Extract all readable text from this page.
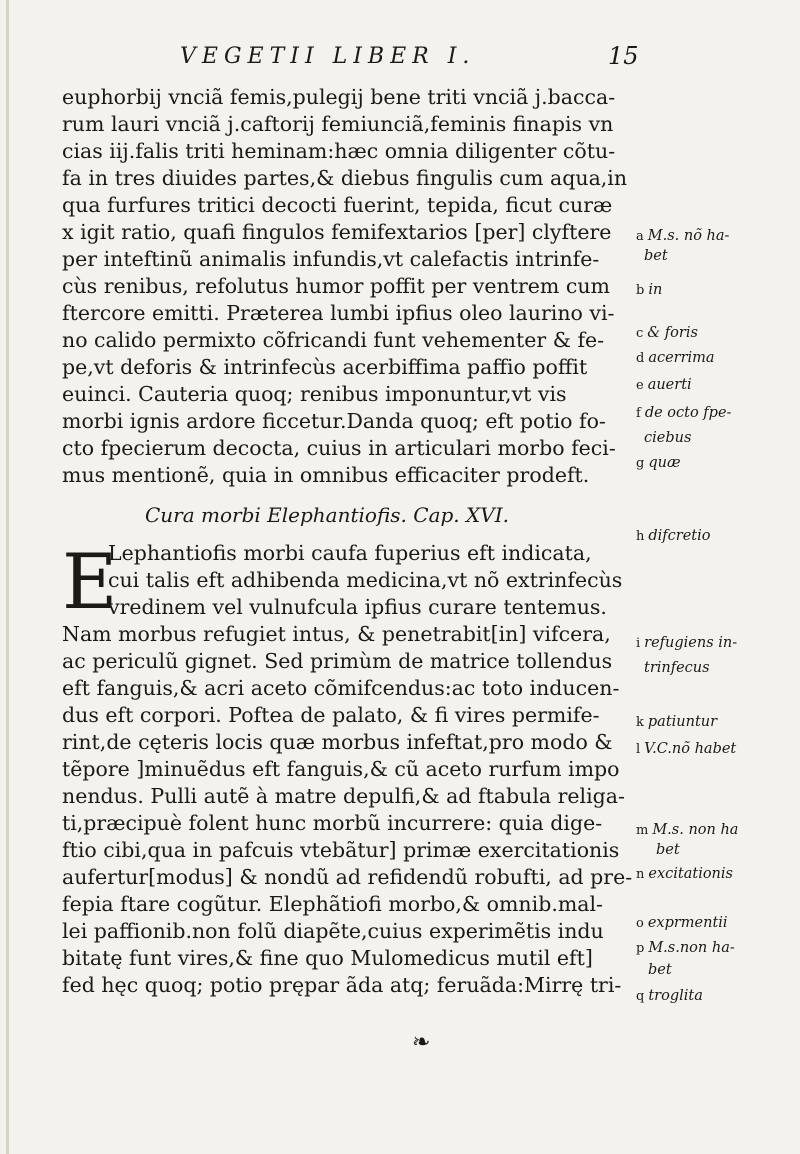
VEGETII LIBER I.	15
euphorbij vnciã femis,pulegij bene triti vnciã j.bacca-
rum lauri vnciã j.caftorij femiunciã,feminis finapis vn
cias iij.falis triti heminam:hæc omnia diligenter cõtu-
fa in tres diuides partes,& diebus fingulis cum aqua,in
qua furfures tritici decocti fuerint, tepida, ficut curæ
x igit ratio, quafi fingulos femifextarios [per] clyftere
per inteftinũ animalis infundis,vt calefactis intrinfe-
cùs renibus, refolutus humor poffit per ventrem cum
ftercore emitti. Præterea lumbi ipfius oleo laurino vi-
no calido permixto cõfricandi funt vehementer & fe-
pe,vt deforis & intrinfecùs acerbiffima paffio poffit
euinci. Cauteria quoq; renibus imponuntur,vt vis
morbi ignis ardore ficcetur.Danda quoq; eft potio fo-
cto fpecierum decocta, cuius in articulari morbo feci-
mus mentionẽ, quia in omnibus efficaciter prodeft.
Cura morbi Elephantiofis. Cap. XVI.
E
Lephantiofis morbi caufa fuperius eft indicata,
cui talis eft adhibenda medicina,vt nõ extrinfecùs
vredinem vel vulnufcula ipfius curare tentemus.
Nam morbus refugiet intus, & penetrabit[in] vifcera,
ac periculũ gignet. Sed primùm de matrice tollendus
eft fanguis,& acri aceto cõmifcendus:ac toto inducen-
dus eft corpori. Poftea de palato, & fi vires permife-
rint,de cęteris locis quæ morbus infeftat,pro modo &
tẽpore ]minuẽdus eft fanguis,& cũ aceto rurfum impo
nendus. Pulli autẽ à matre depulfi,& ad ftabula religa-
ti,præcipuè folent hunc morbũ incurrere: quia dige-
ftio cibi,qua in pafcuis vtebãtur] primæ exercitationis
aufertur[modus] & nondũ ad refidendũ robufti, ad pre-
fepia ftare cogũtur. Elephãtiofi morbo,& omnib.mal-
lei paffionib.non folũ diapẽte,cuius experimẽtis indu
bitatę funt vires,& fine quo Mulomedicus mutil eft]
fed hęc quoq; potio prępar ãda atq; feruãda:Mirrę tri-
a M.s. nõ ha-
bet
b in
c & foris
d acerrima
e auerti
f de octo fpe-
ciebus
g quæ
h difcretio
i refugiens in-
trinfecus
k patiuntur
l V.C.nõ habet
m M.s. non ha
bet
n excitationis
o exprmentii
p M.s.non ha-
bet
q troglita
❧
